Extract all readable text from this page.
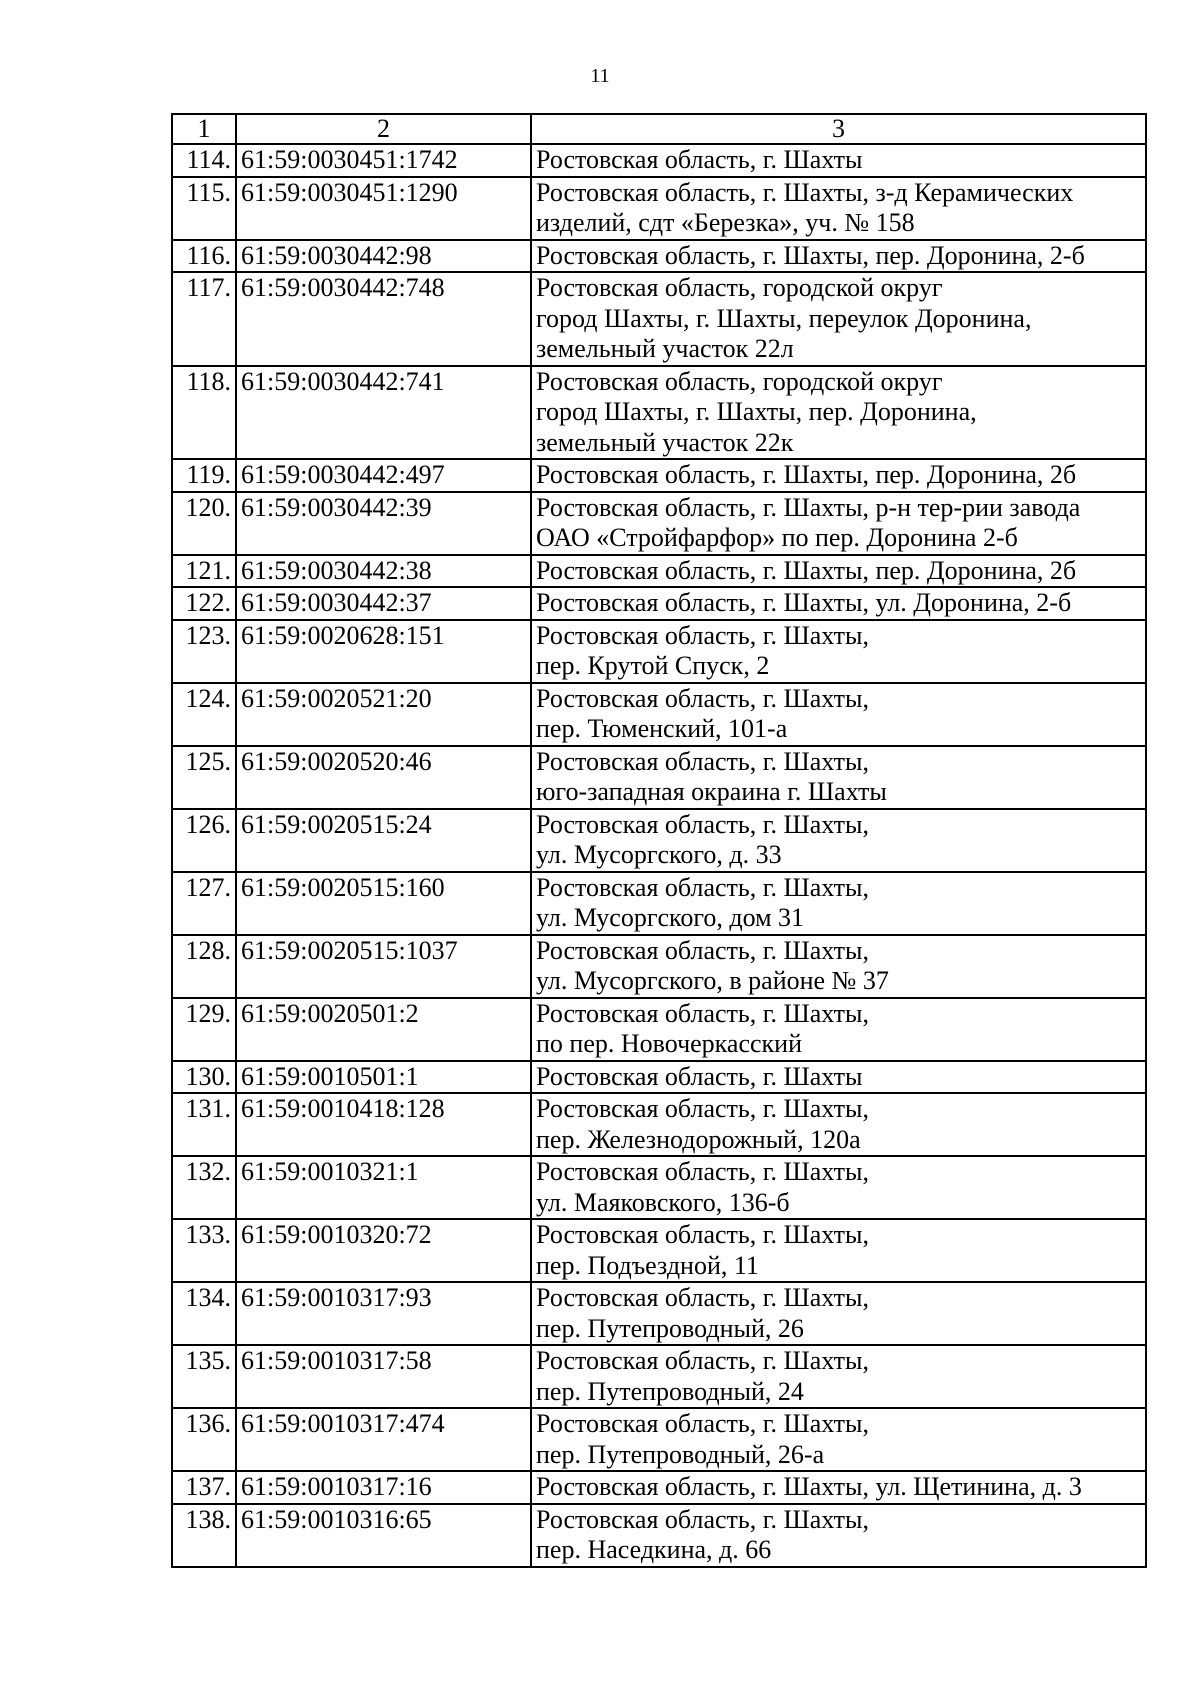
11
1	2	3
114.	61:59:0030451:1742	Ростовская область, г. Шахты

115.	61:59:0030451:1290	Ростовская область, г. Шахты, з-д Керамических
изделий, сдт «Березка», уч. № 158

116.	61:59:0030442:98	Ростовская область, г. Шахты, пер. Доронина, 2-б

117.	61:59:0030442:748	Ростовская область, городской округ
город Шахты, г. Шахты, переулок Доронина,
земельный участок 22л

118.	61:59:0030442:741	Ростовская область, городской округ
город Шахты, г. Шахты, пер. Доронина,
земельный участок 22к

119.	61:59:0030442:497	Ростовская область, г. Шахты, пер. Доронина, 2б

120.	61:59:0030442:39	Ростовская область, г. Шахты, р-н тер-рии завода
ОАО «Стройфарфор» по пер. Доронина 2-б

121.	61:59:0030442:38	Ростовская область, г. Шахты, пер. Доронина, 2б

122.	61:59:0030442:37	Ростовская область, г. Шахты, ул. Доронина, 2-б

123.	61:59:0020628:151	Ростовская область, г. Шахты,
пер. Крутой Спуск, 2

124.	61:59:0020521:20	Ростовская область, г. Шахты,
пер. Тюменский, 101-а

125.	61:59:0020520:46	Ростовская область, г. Шахты,
юго-западная окраина г. Шахты

126.	61:59:0020515:24	Ростовская область, г. Шахты,
ул. Мусоргского, д. 33

127.	61:59:0020515:160	Ростовская область, г. Шахты,
ул. Мусоргского, дом 31

128.	61:59:0020515:1037	Ростовская область, г. Шахты,
ул. Мусоргского, в районе № 37

129.	61:59:0020501:2	Ростовская область, г. Шахты,
по пер. Новочеркасский

130.	61:59:0010501:1	Ростовская область, г. Шахты

131.	61:59:0010418:128	Ростовская область, г. Шахты,
пер. Железнодорожный, 120а

132.	61:59:0010321:1	Ростовская область, г. Шахты,
ул. Маяковского, 136-б

133.	61:59:0010320:72	Ростовская область, г. Шахты,
пер. Подъездной, 11

134.	61:59:0010317:93	Ростовская область, г. Шахты,
пер. Путепроводный, 26

135.	61:59:0010317:58	Ростовская область, г. Шахты,
пер. Путепроводный, 24

136.	61:59:0010317:474	Ростовская область, г. Шахты,
пер. Путепроводный, 26-а

137.	61:59:0010317:16	Ростовская область, г. Шахты, ул. Щетинина, д. 3

138.	61:59:0010316:65	Ростовская область, г. Шахты,
пер. Наседкина, д. 66
